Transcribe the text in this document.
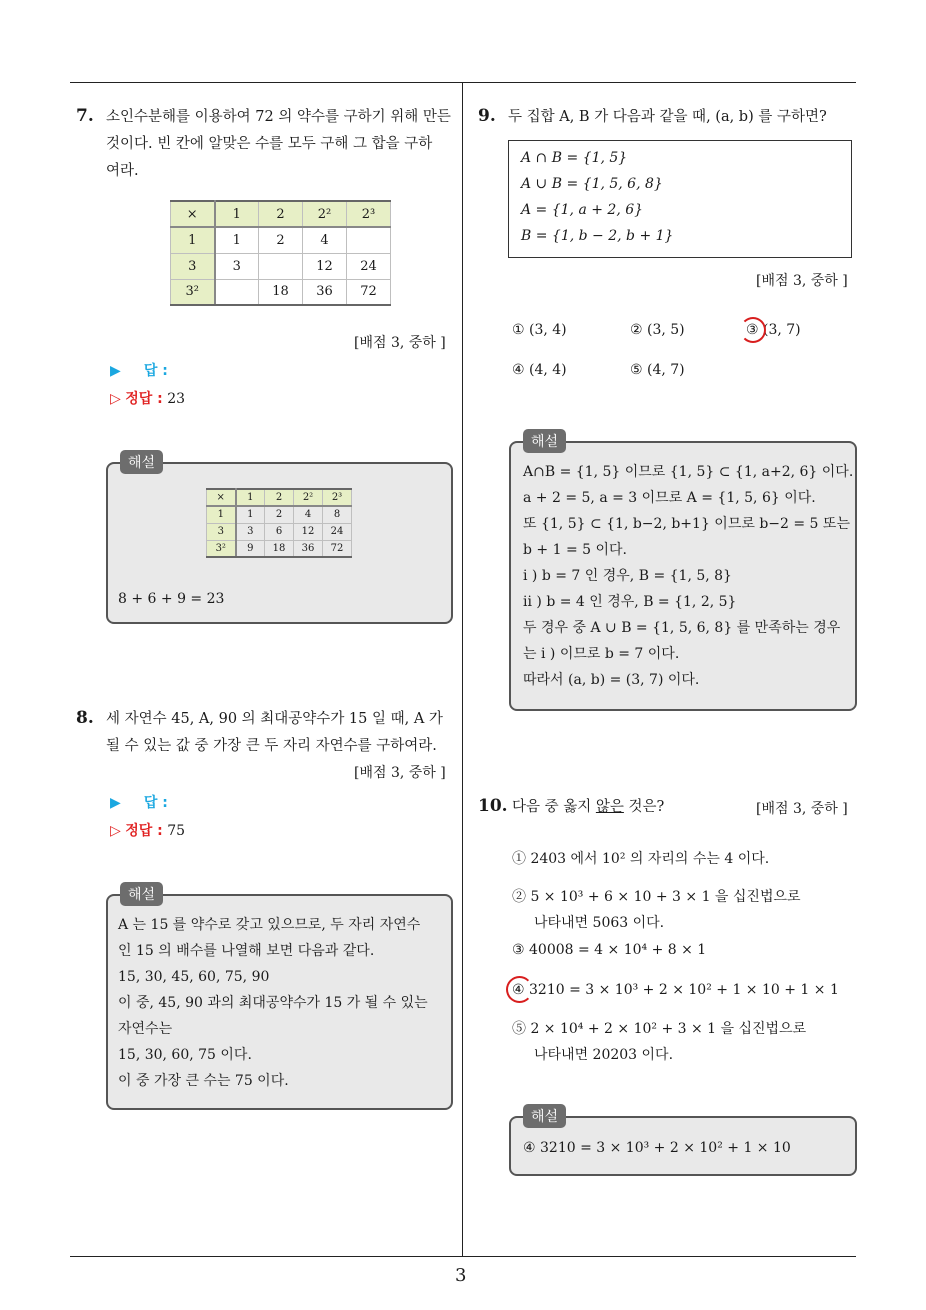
3
7. 소인수분해를 이용하여 72 의 약수를 구하기 위해 만든
것이다. 빈 칸에 알맞은 수를 모두 구해 그 합을 구하
여라.
×	1	2	2²	2³
1	1	2	4	
3	3		12	24
3²		18	36	72
[배점 3, 중하 ]
▶ 답 :
▷ 정답 : 23
×	1	2	2²	2³
1	1	2	4	8
3	3	6	12	24
3²	9	18	36	72
8 + 6 + 9 = 23
해설
8. 세 자연수 45, A, 90 의 최대공약수가 15 일 때, A 가
될 수 있는 값 중 가장 큰 두 자리 자연수를 구하여라.
[배점 3, 중하 ]
▶ 답 :
▷ 정답 : 75
A 는 15 를 약수로 갖고 있으므로, 두 자리 자연수
인 15 의 배수를 나열해 보면 다음과 같다.
15, 30, 45, 60, 75, 90
이 중, 45, 90 과의 최대공약수가 15 가 될 수 있는
자연수는
15, 30, 60, 75 이다.
이 중 가장 큰 수는 75 이다.
해설
9. 두 집합 A, B 가 다음과 같을 때, (a, b) 를 구하면?
A ∩ B = {1, 5}
A ∪ B = {1, 5, 6, 8}
A = {1, a + 2, 6}
B = {1, b − 2, b + 1}
[배점 3, 중하 ]
① (3, 4)	② (3, 5)	③ (3, 7)
④ (4, 4)	⑤ (4, 7)
A∩B = {1, 5} 이므로 {1, 5} ⊂ {1, a+2, 6} 이다.
a + 2 = 5, a = 3 이므로 A = {1, 5, 6} 이다.
또 {1, 5} ⊂ {1, b−2, b+1} 이므로 b−2 = 5 또는
b + 1 = 5 이다.
i ) b = 7 인 경우, B = {1, 5, 8}
ii ) b = 4 인 경우, B = {1, 2, 5}
두 경우 중 A ∪ B = {1, 5, 6, 8} 를 만족하는 경우
는 i ) 이므로 b = 7 이다.
따라서 (a, b) = (3, 7) 이다.
해설
10. 다음 중 옳지 않은 것은?	[배점 3, 중하 ]
① 2403 에서 10² 의 자리의 수는 4 이다.
② 5 × 10³ + 6 × 10 + 3 × 1 을 십진법으로
나타내면 5063 이다.
③ 40008 = 4 × 10⁴ + 8 × 1
④ 3210 = 3 × 10³ + 2 × 10² + 1 × 10 + 1 × 1
⑤ 2 × 10⁴ + 2 × 10² + 3 × 1 을 십진법으로
나타내면 20203 이다.
④ 3210 = 3 × 10³ + 2 × 10² + 1 × 10
해설
